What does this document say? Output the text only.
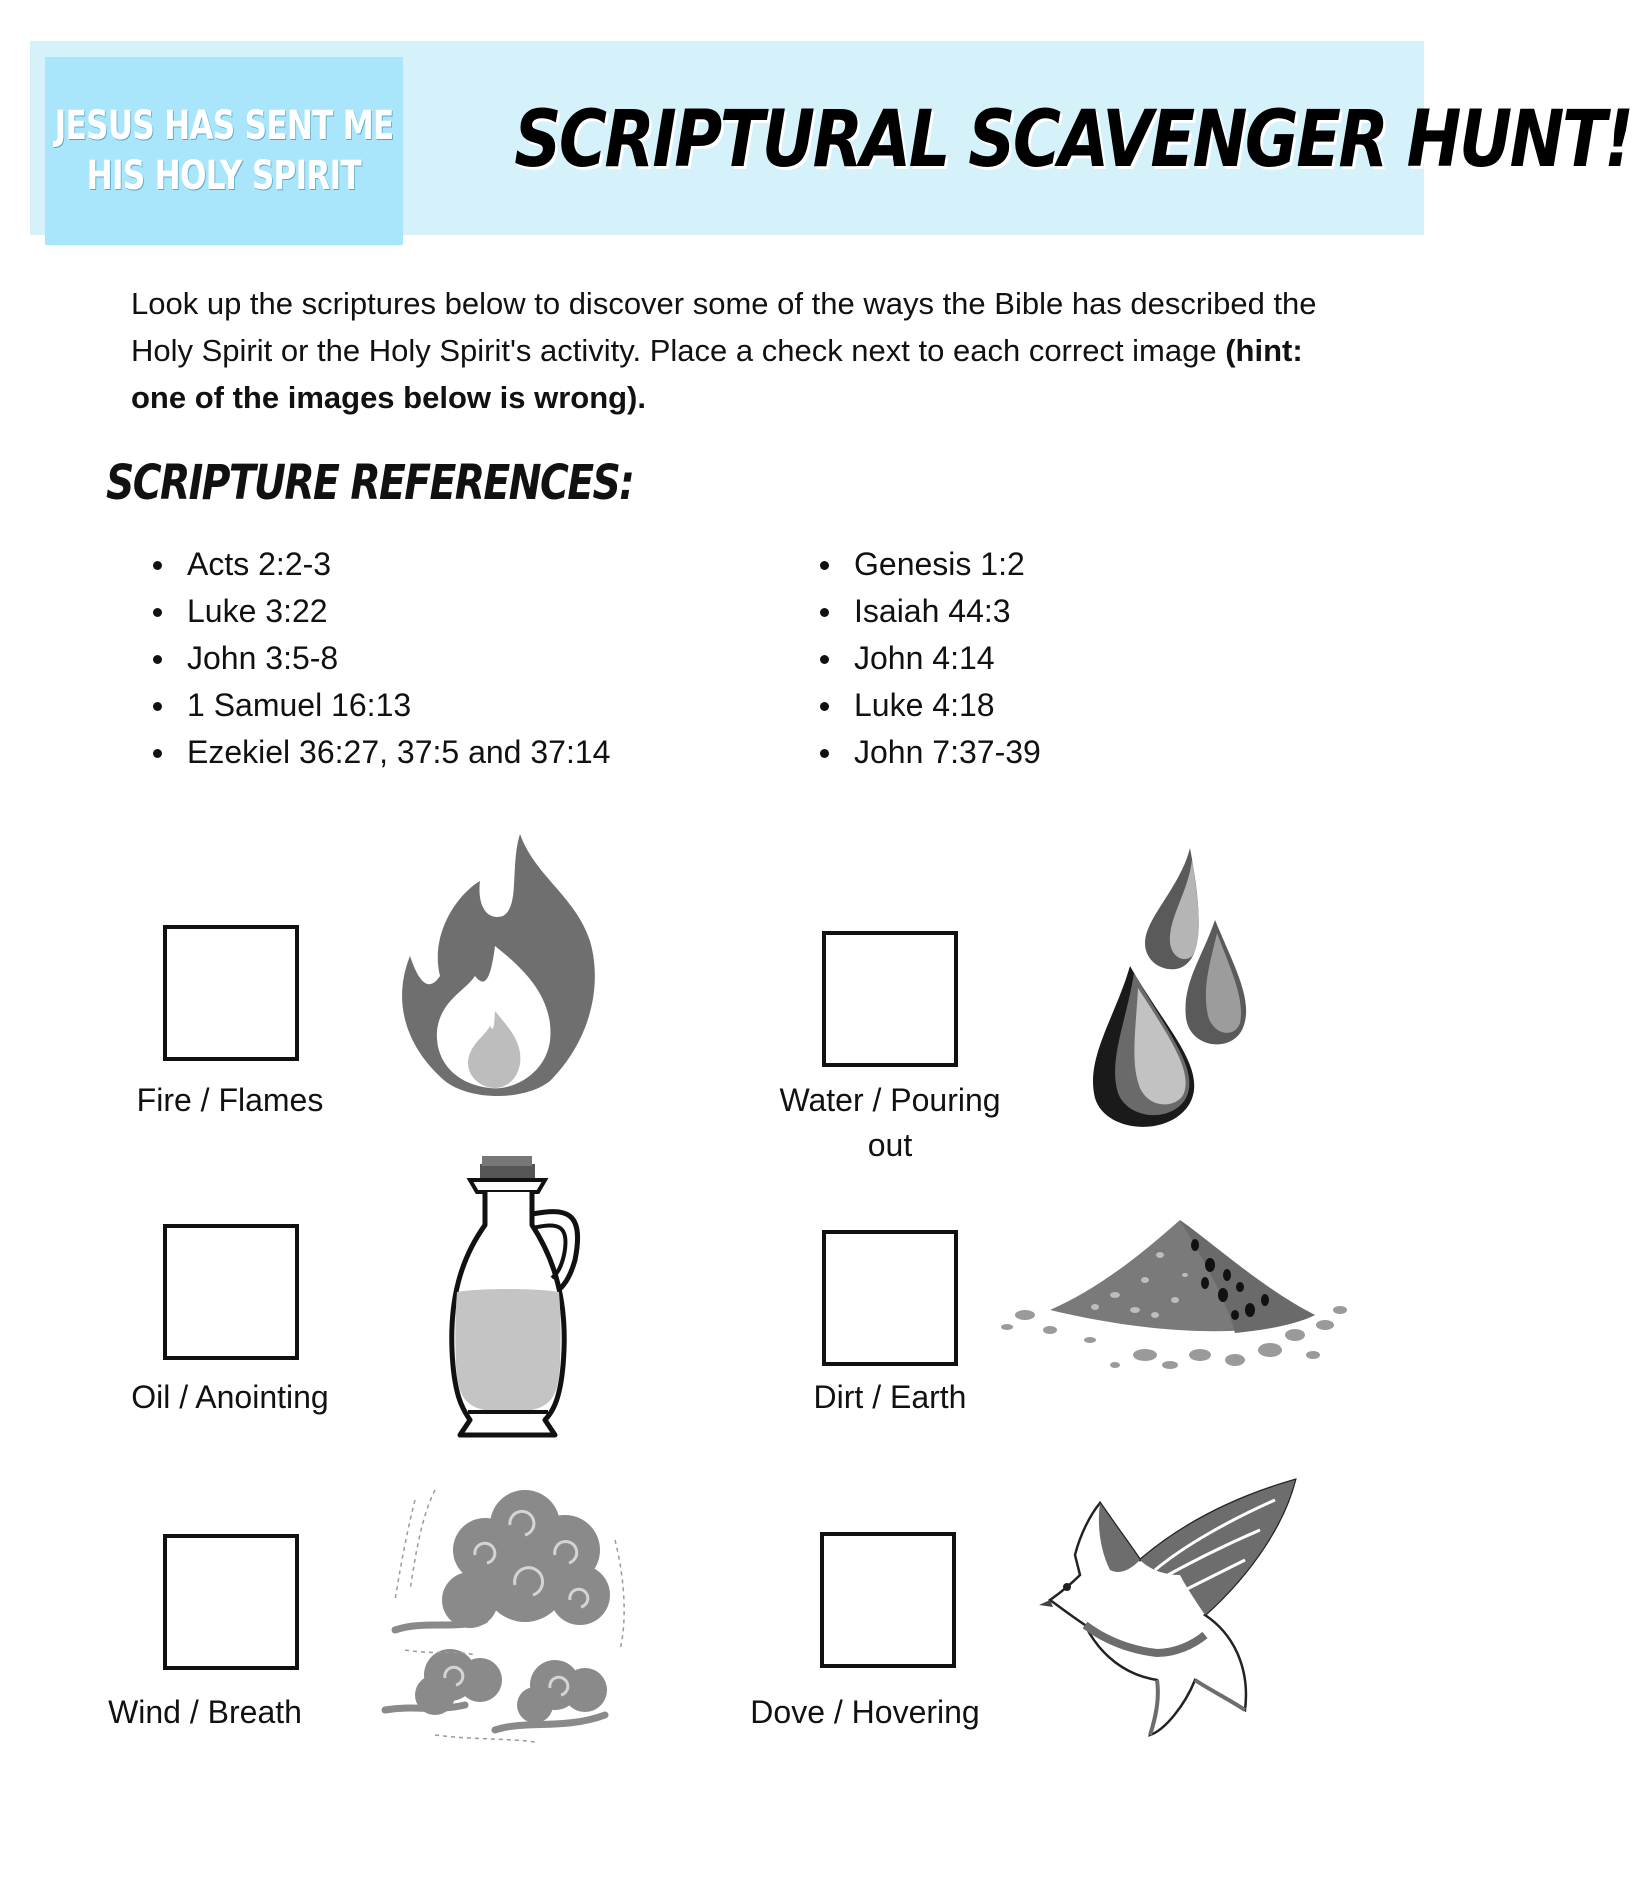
JESUS HAS SENT ME
HIS HOLY SPIRIT SCRIPTURAL SCAVENGER HUNT!
Look up the scriptures below to discover some of the ways the Bible has described the Holy Spirit or the Holy Spirit's activity. Place a check next to each correct image (hint: one of the images below is wrong).
SCRIPTURE REFERENCES:
Acts 2:2-3
Luke 3:22
John 3:5-8
1 Samuel 16:13
Ezekiel 36:27, 37:5 and 37:14
Genesis 1:2
Isaiah 44:3
John 4:14
Luke 4:18
John 7:37-39
Fire / Flames	Water / Pouring out
Oil / Anointing	Dirt / Earth
Wind / Breath	Dove / Hovering
